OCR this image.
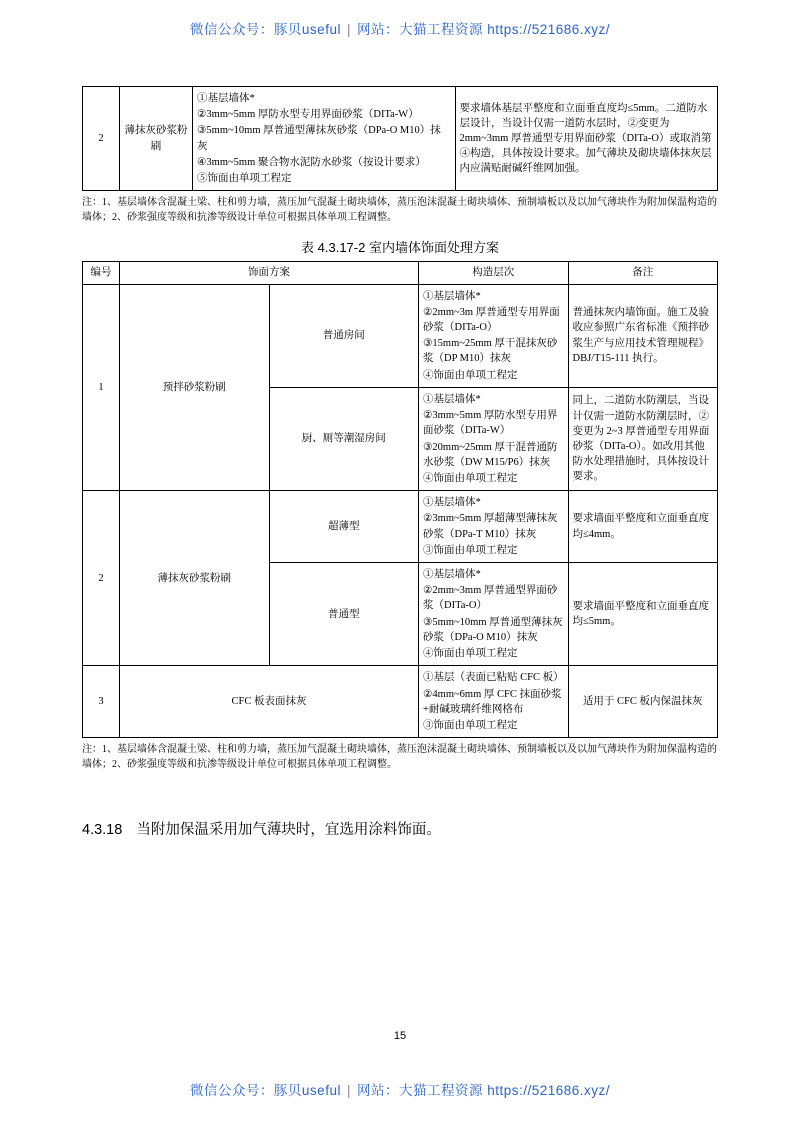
微信公众号：豚贝useful | 网站：大猫工程资源 https://521686.xyz/
2	薄抹灰砂浆粉刷	
①基层墙体*
②3mm~5mm 厚防水型专用界面砂浆（DITa-W）
③5mm~10mm 厚普通型薄抹灰砂浆（DPa-O M10）抹灰
④3mm~5mm 聚合物水泥防水砂浆（按设计要求）
⑤饰面由单项工程定
	要求墙体基层平整度和立面垂直度均≤5mm。二道防水层设计，当设计仅需一道防水层时，②变更为2mm~3mm 厚普通型专用界面砂浆（DITa-O）或取消第④构造，具体按设计要求。加气薄块及砌块墙体抹灰层内应满贴耐碱纤维网加强。
注：1、基层墙体含混凝土梁、柱和剪力墙，蒸压加气混凝土砌块墙体，蒸压泡沫混凝土砌块墙体、预制墙板以及以加气薄块作为附加保温构造的墙体；2、砂浆强度等级和抗渗等级设计单位可根据具体单项工程调整。
表 4.3.17-2 室内墙体饰面处理方案
编号	饰面方案		构造层次	备注
1	预拌砂浆粉刷	普通房间	①基层墙体*
②2mm~3m 厚普通型专用界面砂浆（DITa-O）
③15mm~25mm 厚干混抹灰砂浆（DP M10）抹灰
④饰面由单项工程定	普通抹灰内墙饰面。施工及验收应参照广东省标准《预拌砂浆生产与应用技术管理规程》DBJ/T15-111 执行。
		厨、厕等潮湿房间	①基层墙体*
②3mm~5mm 厚防水型专用界面砂浆（DITa-W）
③20mm~25mm 厚干混普通防水砂浆（DW M15/P6）抹灰
④饰面由单项工程定	同上，二道防水防潮层，当设计仅需一道防水防潮层时，②变更为 2~3 厚普通型专用界面砂浆（DITa-O）。如改用其他防水处理措施时，具体按设计要求。
2	薄抹灰砂浆粉刷	超薄型	①基层墙体*
②3mm~5mm 厚超薄型薄抹灰砂浆（DPa-T M10）抹灰
③饰面由单项工程定	要求墙面平整度和立面垂直度均≤4mm。
		普通型	①基层墙体*
②2mm~3mm 厚普通型界面砂浆（DITa-O）
③5mm~10mm 厚普通型薄抹灰砂浆（DPa-O M10）抹灰
④饰面由单项工程定	要求墙面平整度和立面垂直度均≤5mm。
3	CFC 板表面抹灰		①基层（表面已粘贴 CFC 板）
②4mm~6mm 厚 CFC 抹面砂浆+耐碱玻璃纤维网格布
③饰面由单项工程定	适用于 CFC 板内保温抹灰
注：1、基层墙体含混凝土梁、柱和剪力墙，蒸压加气混凝土砌块墙体，蒸压泡沫混凝土砌块墙体、预制墙板以及以加气薄块作为附加保温构造的墙体；2、砂浆强度等级和抗渗等级设计单位可根据具体单项工程调整。
4.3.18 当附加保温采用加气薄块时，宜选用涂料饰面。
15
微信公众号：豚贝useful | 网站：大猫工程资源 https://521686.xyz/
